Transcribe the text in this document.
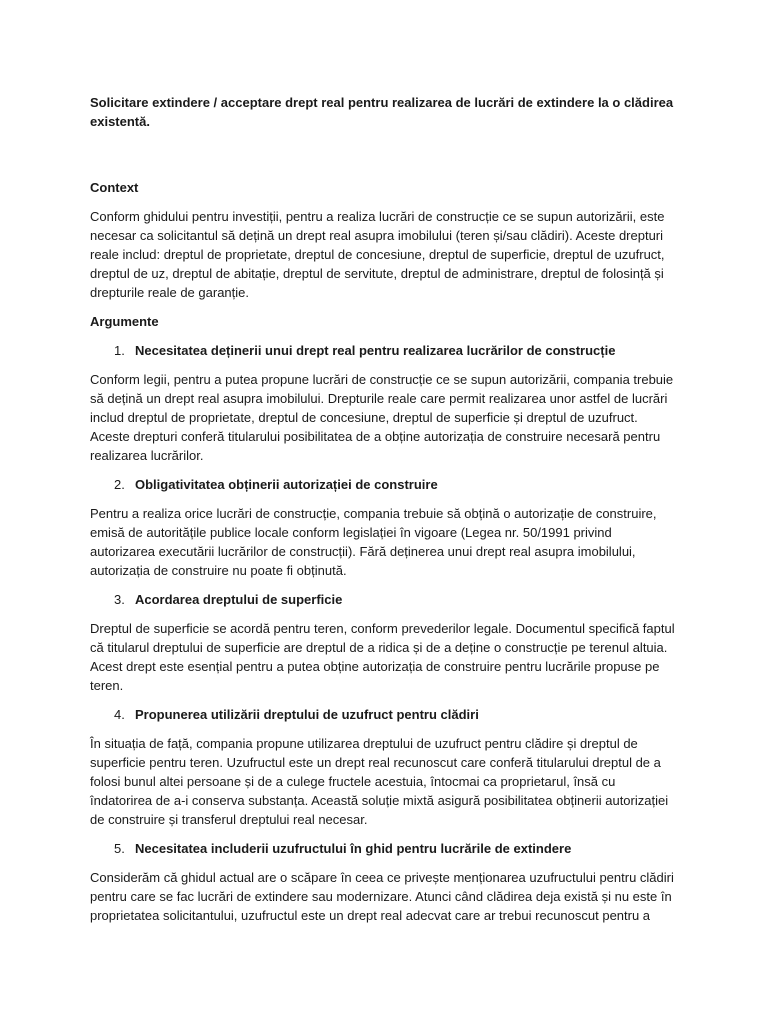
Solicitare extindere / acceptare drept real pentru realizarea de lucrări de extindere la o clădirea existentă.
Context

Conform ghidului pentru investiții, pentru a realiza lucrări de construcție ce se supun autorizării, este necesar ca solicitantul să dețină un drept real asupra imobilului (teren și/sau clădiri). Aceste drepturi reale includ: dreptul de proprietate, dreptul de concesiune, dreptul de superficie, dreptul de uzufruct, dreptul de uz, dreptul de abitație, dreptul de servitute, dreptul de administrare, dreptul de folosință și drepturile reale de garanție.

Argumente
1. Necesitatea deținerii unui drept real pentru realizarea lucrărilor de construcție

Conform legii, pentru a putea propune lucrări de construcție ce se supun autorizării, compania trebuie să dețină un drept real asupra imobilului. Drepturile reale care permit realizarea unor astfel de lucrări includ dreptul de proprietate, dreptul de concesiune, dreptul de superficie și dreptul de uzufruct. Aceste drepturi conferă titularului posibilitatea de a obține autorizația de construire necesară pentru realizarea lucrărilor.

2. Obligativitatea obținerii autorizației de construire

Pentru a realiza orice lucrări de construcție, compania trebuie să obțină o autorizație de construire, emisă de autoritățile publice locale conform legislației în vigoare (Legea nr. 50/1991 privind autorizarea executării lucrărilor de construcții). Fără deținerea unui drept real asupra imobilului, autorizația de construire nu poate fi obținută.

3. Acordarea dreptului de superficie

Dreptul de superficie se acordă pentru teren, conform prevederilor legale. Documentul specifică faptul că titularul dreptului de superficie are dreptul de a ridica și de a deține o construcție pe terenul altuia. Acest drept este esențial pentru a putea obține autorizația de construire pentru lucrările propuse pe teren.

4. Propunerea utilizării dreptului de uzufruct pentru clădiri

În situația de față, compania propune utilizarea dreptului de uzufruct pentru clădire și dreptul de superficie pentru teren. Uzufructul este un drept real recunoscut care conferă titularului dreptul de a folosi bunul altei persoane și de a culege fructele acestuia, întocmai ca proprietarul, însă cu îndatorirea de a-i conserva substanța. Această soluție mixtă asigură posibilitatea obținerii autorizației de construire și transferul dreptului real necesar.

5. Necesitatea includerii uzufructului în ghid pentru lucrările de extindere

Considerăm că ghidul actual are o scăpare în ceea ce privește menționarea uzufructului pentru clădiri pentru care se fac lucrări de extindere sau modernizare. Atunci când clădirea deja există și nu este în proprietatea solicitantului, uzufructul este un drept real adecvat care ar trebui recunoscut pentru a
